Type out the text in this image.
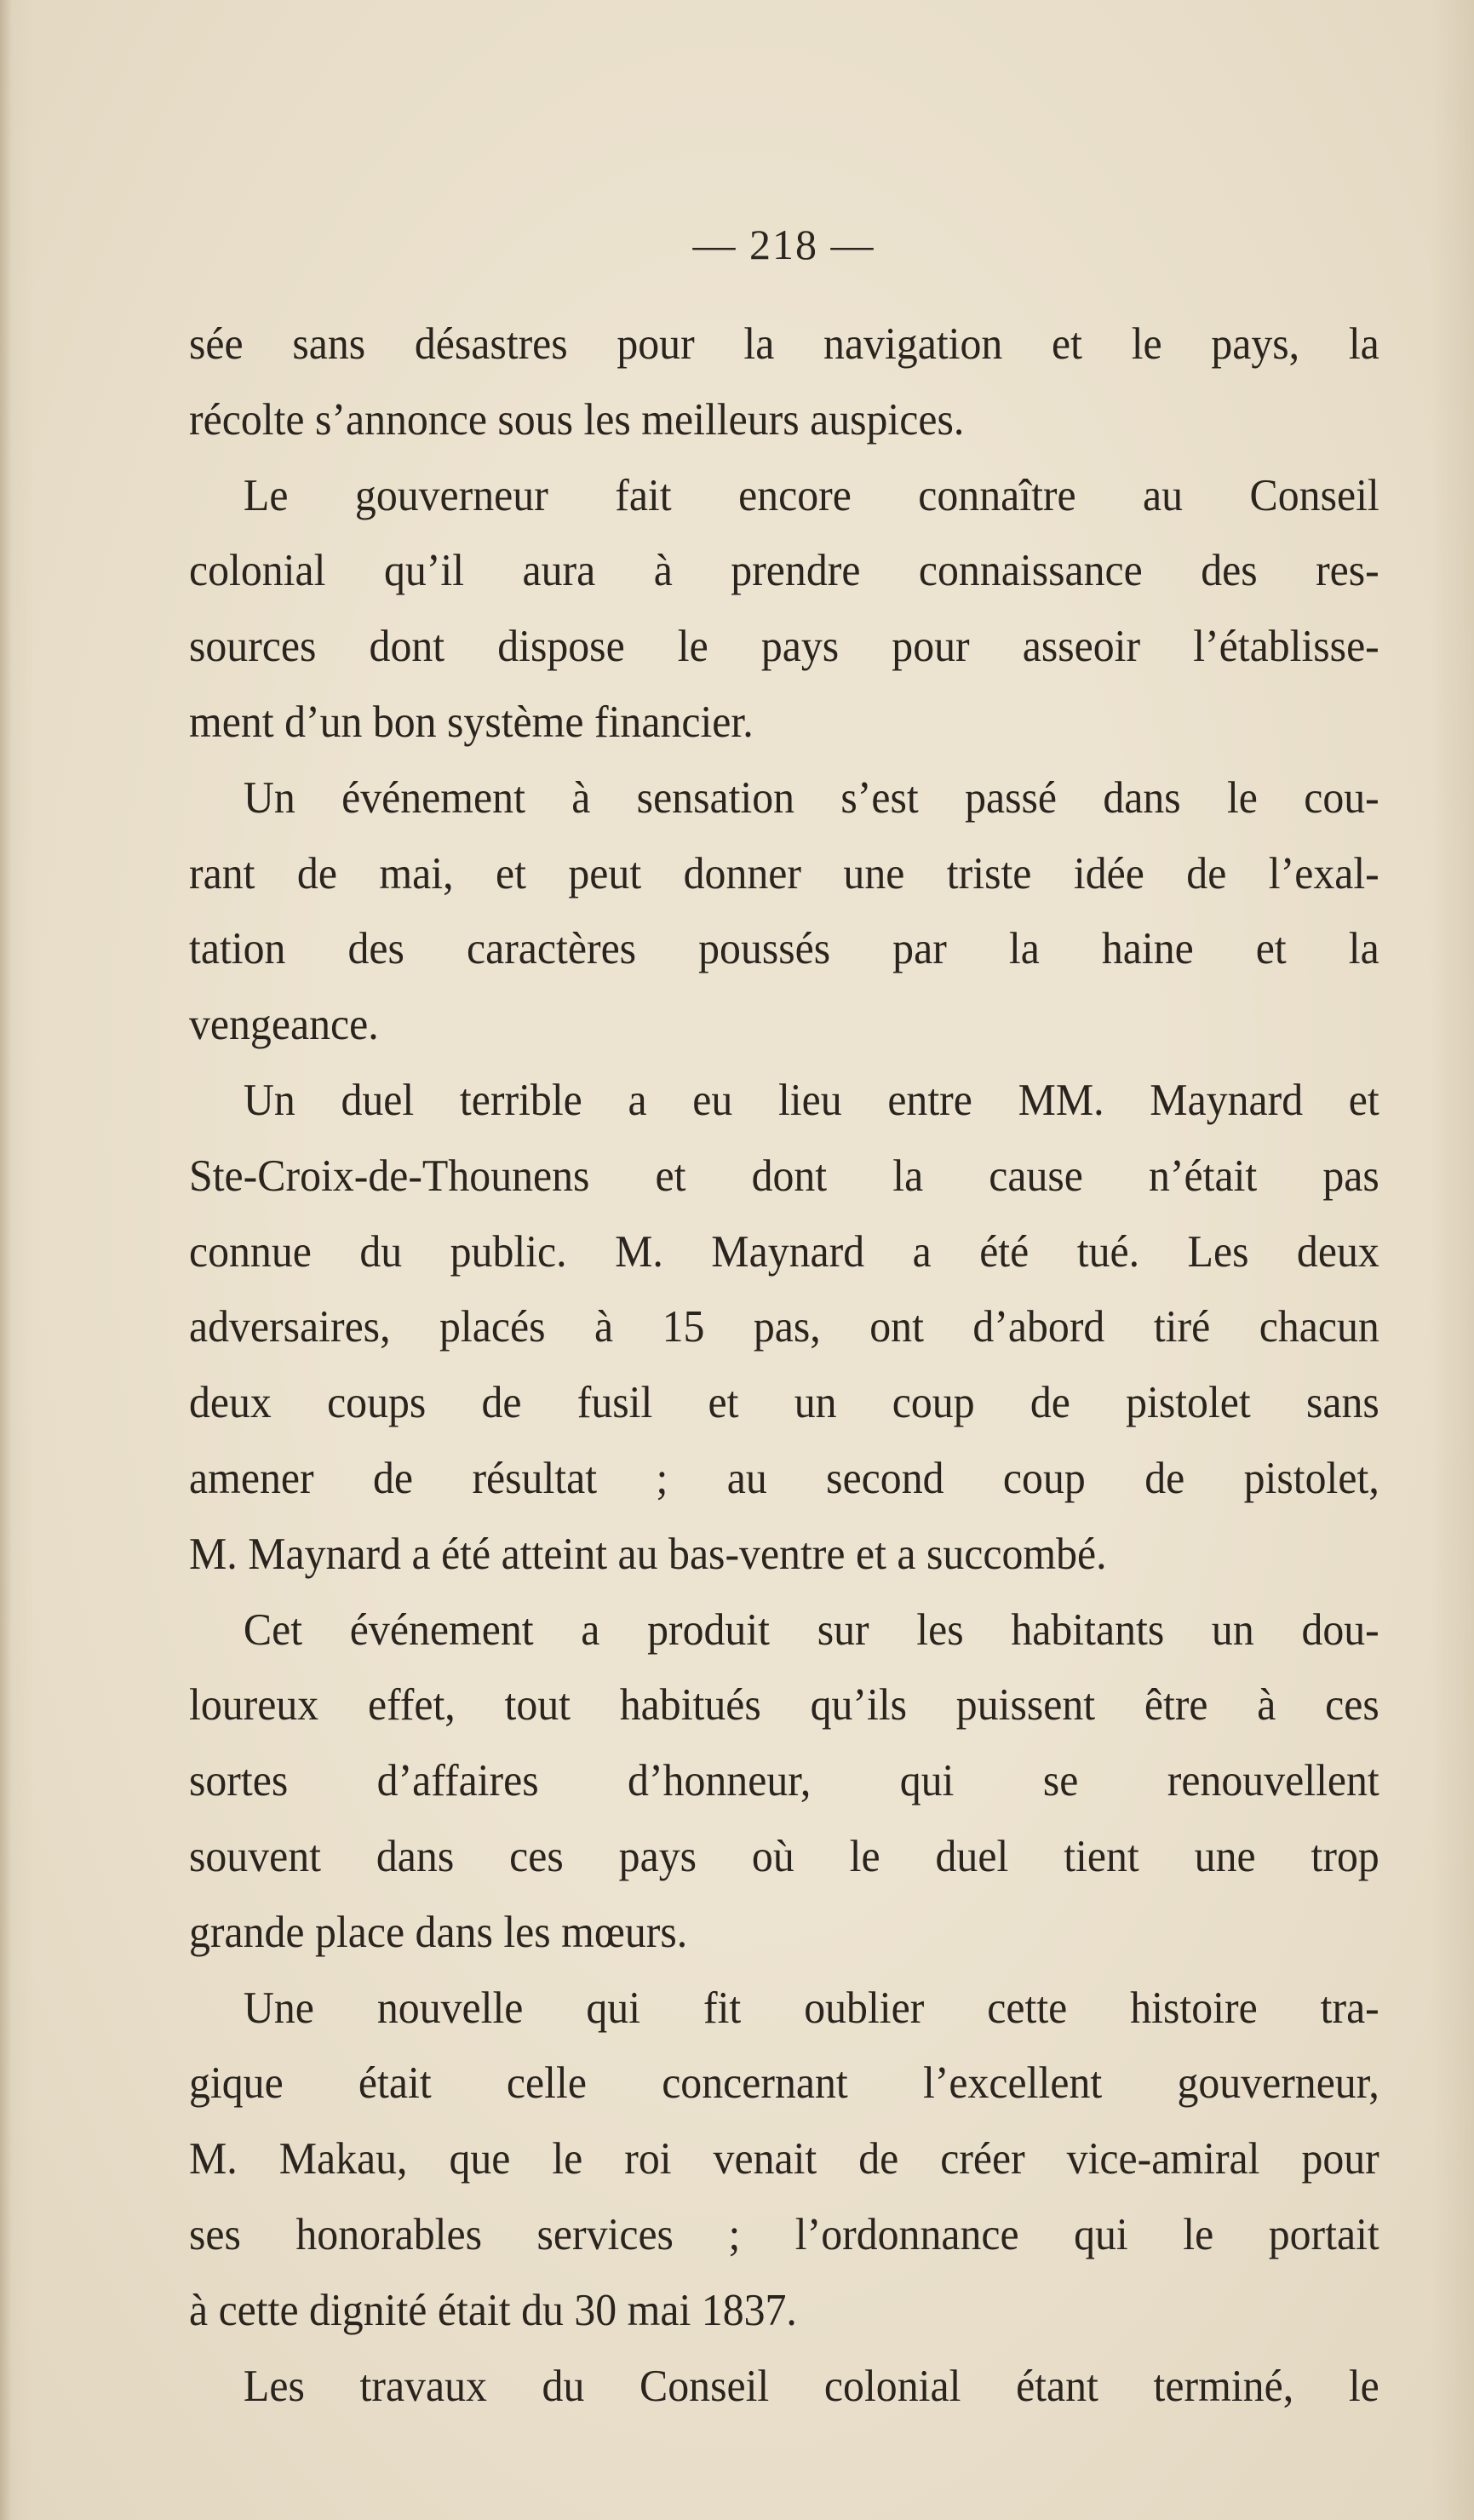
— 218 —
sée sans désastres pour la navigation et le pays, la
récolte s’annonce sous les meilleurs auspices.
Le gouverneur fait encore connaître au Conseil
colonial qu’il aura à prendre connaissance des res-
sources dont dispose le pays pour asseoir l’établisse-
ment d’un bon système financier.
Un événement à sensation s’est passé dans le cou-
rant de mai, et peut donner une triste idée de l’exal-
tation des caractères poussés par la haine et la
vengeance.
Un duel terrible a eu lieu entre MM. Maynard et
Ste-Croix-de-Thounens et dont la cause n’était pas
connue du public. M. Maynard a été tué. Les deux
adversaires, placés à 15 pas, ont d’abord tiré chacun
deux coups de fusil et un coup de pistolet sans
amener de résultat ; au second coup de pistolet,
M. Maynard a été atteint au bas-ventre et a succombé.
Cet événement a produit sur les habitants un dou-
loureux effet, tout habitués qu’ils puissent être à ces
sortes d’affaires d’honneur, qui se renouvellent
souvent dans ces pays où le duel tient une trop
grande place dans les mœurs.
Une nouvelle qui fit oublier cette histoire tra-
gique était celle concernant l’excellent gouverneur,
M. Makau, que le roi venait de créer vice-amiral pour
ses honorables services ; l’ordonnance qui le portait
à cette dignité était du 30 mai 1837.
Les travaux du Conseil colonial étant terminé, le
